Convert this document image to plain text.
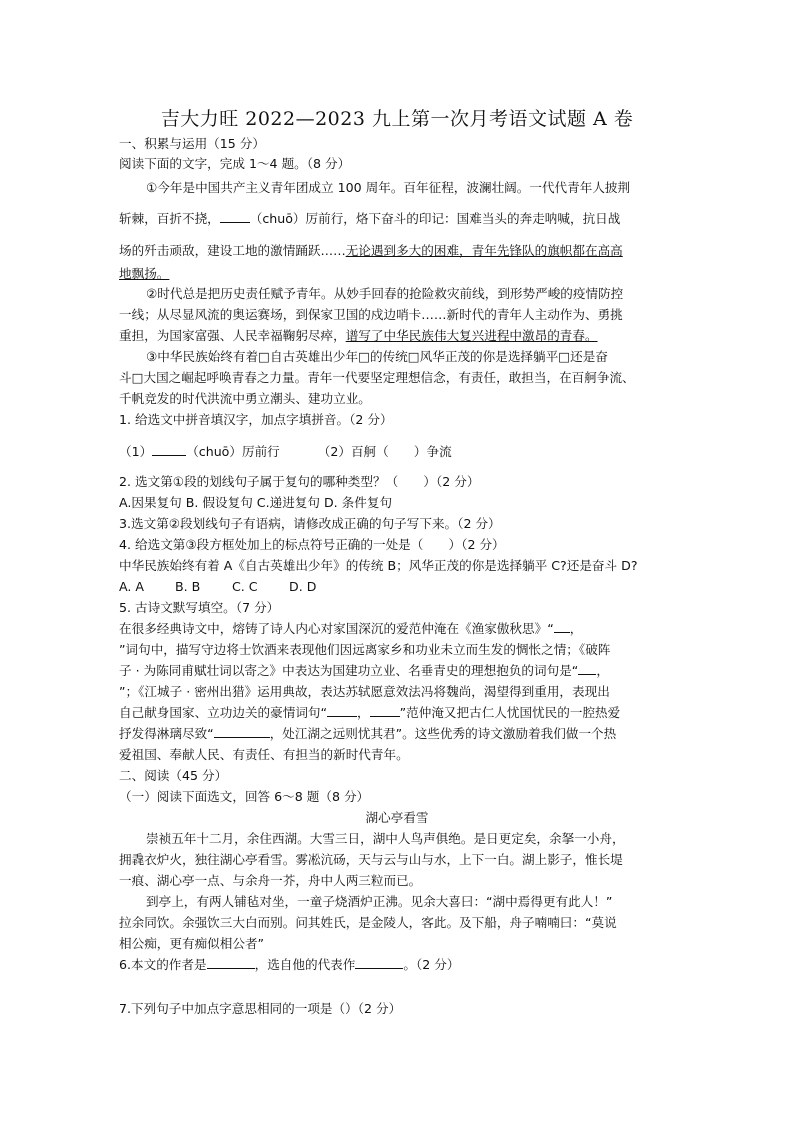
吉大力旺 2022—2023 九上第一次月考语文试题 A 卷
一、积累与运用（15 分）
阅读下面的文字，完成 1～4 题。（8 分）
①今年是中国共产主义青年团成立 100 周年。百年征程，波澜壮阔。一代代青年人披荆
斩棘，百折不挠， （chuō）厉前行，烙下奋斗的印记：国难当头的奔走呐喊，抗日战
场的歼击顽敌，建设工地的激情踊跃……无论遇到多大的困难，青年先锋队的旗帜都在高高
地飘扬。
②时代总是把历史责任赋予青年。从妙手回春的抢险救灾前线，到形势严峻的疫情防控
一线；从尽显风流的奥运赛场，到保家卫国的戍边哨卡……新时代的青年人主动作为、勇挑
重担，为国家富强、人民幸福鞠躬尽瘁，谱写了中华民族伟大复兴进程中激昂的青春。
③中华民族始终有着□自古英雄出少年□的传统□风华正茂的你是选择躺平□还是奋
斗□大国之崛起呼唤青春之力量。青年一代要坚定理想信念，有责任，敢担当，在百舸争流、
千帆竞发的时代洪流中勇立潮头、建功立业。
1. 给选文中拼音填汉字，加点字填拼音。（2 分）
（1）	（chuō）厉前行	（2）百舸（　　）争流
2. 选文第①段的划线句子属于复句的哪种类型？（　　）（2 分）
A.因果复句 B. 假设复句 C.递进复句 D. 条件复句
3.选文第②段划线句子有语病，请修改成正确的句子写下来。（2 分）
4. 给选文第③段方框处加上的标点符号正确的一处是（　　）（2 分）
中华民族始终有着 A《自古英雄出少年》的传统 B；风华正茂的你是选择躺平 C?还是奋斗 D?
A. A B. B	C. C D. D
5. 古诗文默写填空。（7 分）
在很多经典诗文中，熔铸了诗人内心对家国深沉的爱范仲淹在《渔家傲秋思》“ ，
”词句中，描写守边将士饮酒来表现他们因远离家乡和功业未立而生发的惆怅之情；《破阵
子 · 为陈同甫赋壮词以寄之》中表达为国建功立业、名垂青史的理想抱负的词句是“ ，
”；《江城子 · 密州出猎》运用典故，表达苏轼愿意效法冯将魏尚，渴望得到重用，表现出
自己献身国家、立功边关的豪情词句“ ， ”范仲淹又把古仁人忧国忧民的一腔热爱
抒发得淋璃尽致“	，处江湖之远则忧其君”。这些优秀的诗文激励着我们做一个热
爱祖国、奉献人民、有责任、有担当的新时代青年。
二、阅读（45 分）
（一）阅读下面选文，回答 6～8 题（8 分）
湖心亭看雪
崇祯五年十二月，余住西湖。大雪三日，湖中人鸟声俱绝。是日更定矣，余拏一小舟，
拥毳衣炉火，独往湖心亭看雪。雾凇沆砀，天与云与山与水，上下一白。湖上影子，惟长堤
一痕、湖心亭一点、与余舟一芥，舟中人两三粒而已。
到亭上，有两人铺毡对坐，一童子烧酒炉正沸。见余大喜曰：“湖中焉得更有此人！”
拉余同饮。余强饮三大白而别。问其姓氏，是金陵人，客此。及下船，舟子喃喃曰：“莫说
相公痴，更有痴似相公者”
6.本文的作者是	，选自他的代表作	。（2 分）
7.下列句子中加点字意思相同的一项是（）（2 分）
